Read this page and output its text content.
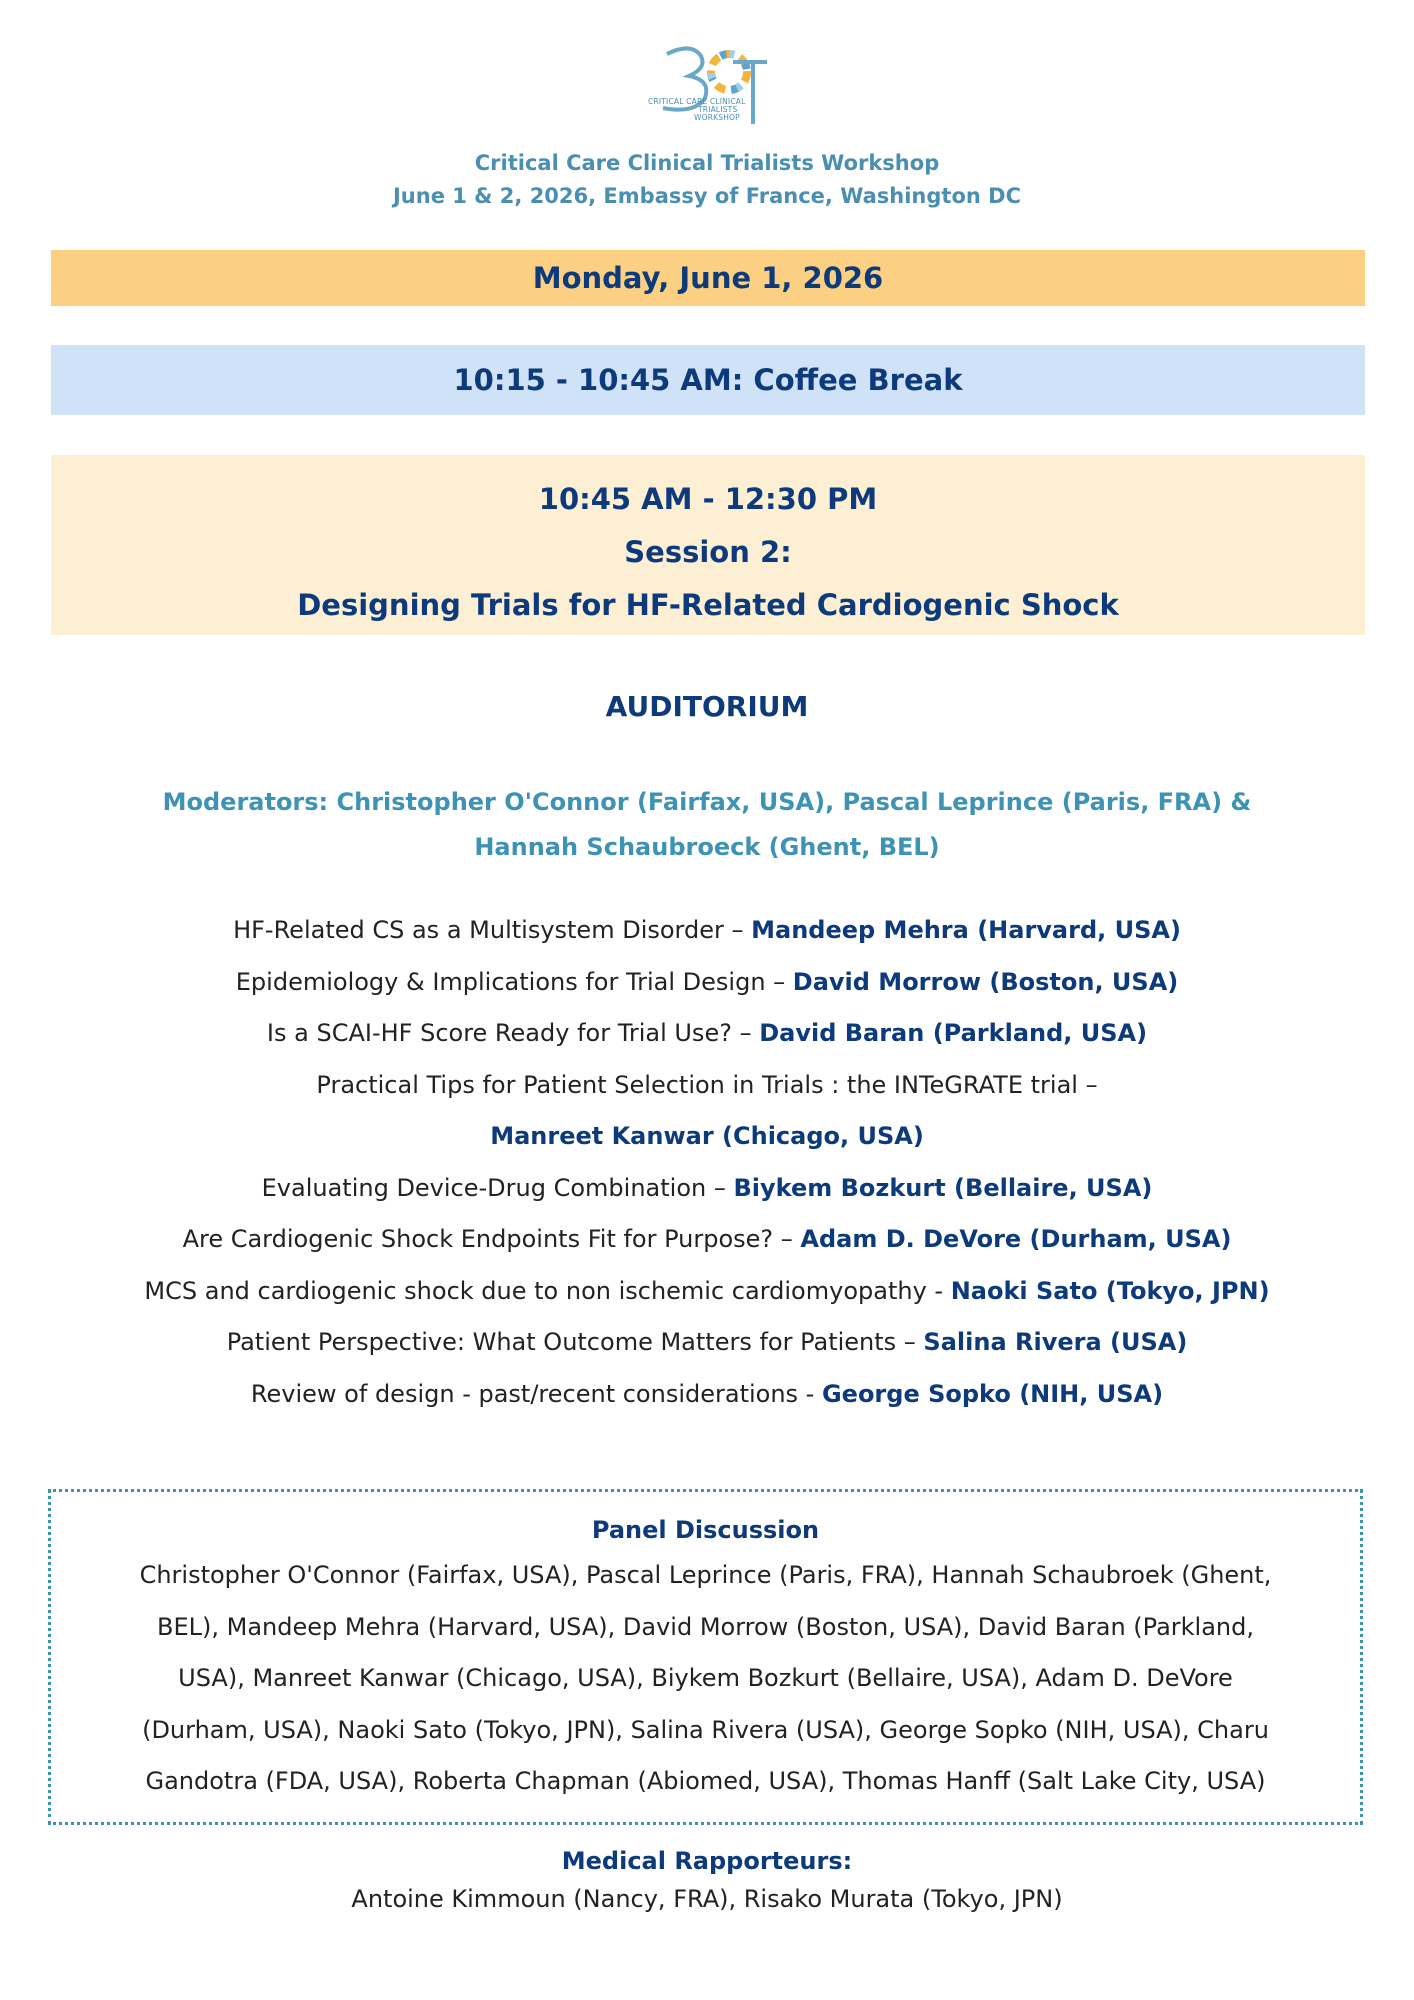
CRITICAL CARE CLINICAL
TRIALISTS
WORKSHOP
Critical Care Clinical Trialists Workshop
June 1 & 2, 2026, Embassy of France, Washington DC
Monday, June 1, 2026
10:15 - 10:45 AM: Coffee Break
10:45 AM - 12:30 PM
Session 2:
Designing Trials for HF-Related Cardiogenic Shock
AUDITORIUM
Moderators: Christopher O'Connor (Fairfax, USA), Pascal Leprince (Paris, FRA) &
Hannah Schaubroeck (Ghent, BEL)
HF-Related CS as a Multisystem Disorder – Mandeep Mehra (Harvard, USA)
Epidemiology & Implications for Trial Design – David Morrow (Boston, USA)
Is a SCAI-HF Score Ready for Trial Use? – David Baran (Parkland, USA)
Practical Tips for Patient Selection in Trials : the INTeGRATE trial –
Manreet Kanwar (Chicago, USA)
Evaluating Device-Drug Combination – Biykem Bozkurt (Bellaire, USA)
Are Cardiogenic Shock Endpoints Fit for Purpose? – Adam D. DeVore (Durham, USA)
MCS and cardiogenic shock due to non ischemic cardiomyopathy - Naoki Sato (Tokyo, JPN)
Patient Perspective: What Outcome Matters for Patients – Salina Rivera (USA)
Review of design - past/recent considerations - George Sopko (NIH, USA)
Panel Discussion
Christopher O'Connor (Fairfax, USA), Pascal Leprince (Paris, FRA), Hannah Schaubroek (Ghent,
BEL), Mandeep Mehra (Harvard, USA), David Morrow (Boston, USA), David Baran (Parkland,
USA), Manreet Kanwar (Chicago, USA), Biykem Bozkurt (Bellaire, USA), Adam D. DeVore
(Durham, USA), Naoki Sato (Tokyo, JPN), Salina Rivera (USA), George Sopko (NIH, USA), Charu
Gandotra (FDA, USA), Roberta Chapman (Abiomed, USA), Thomas Hanff (Salt Lake City, USA)
Medical Rapporteurs:
Antoine Kimmoun (Nancy, FRA), Risako Murata (Tokyo, JPN)
